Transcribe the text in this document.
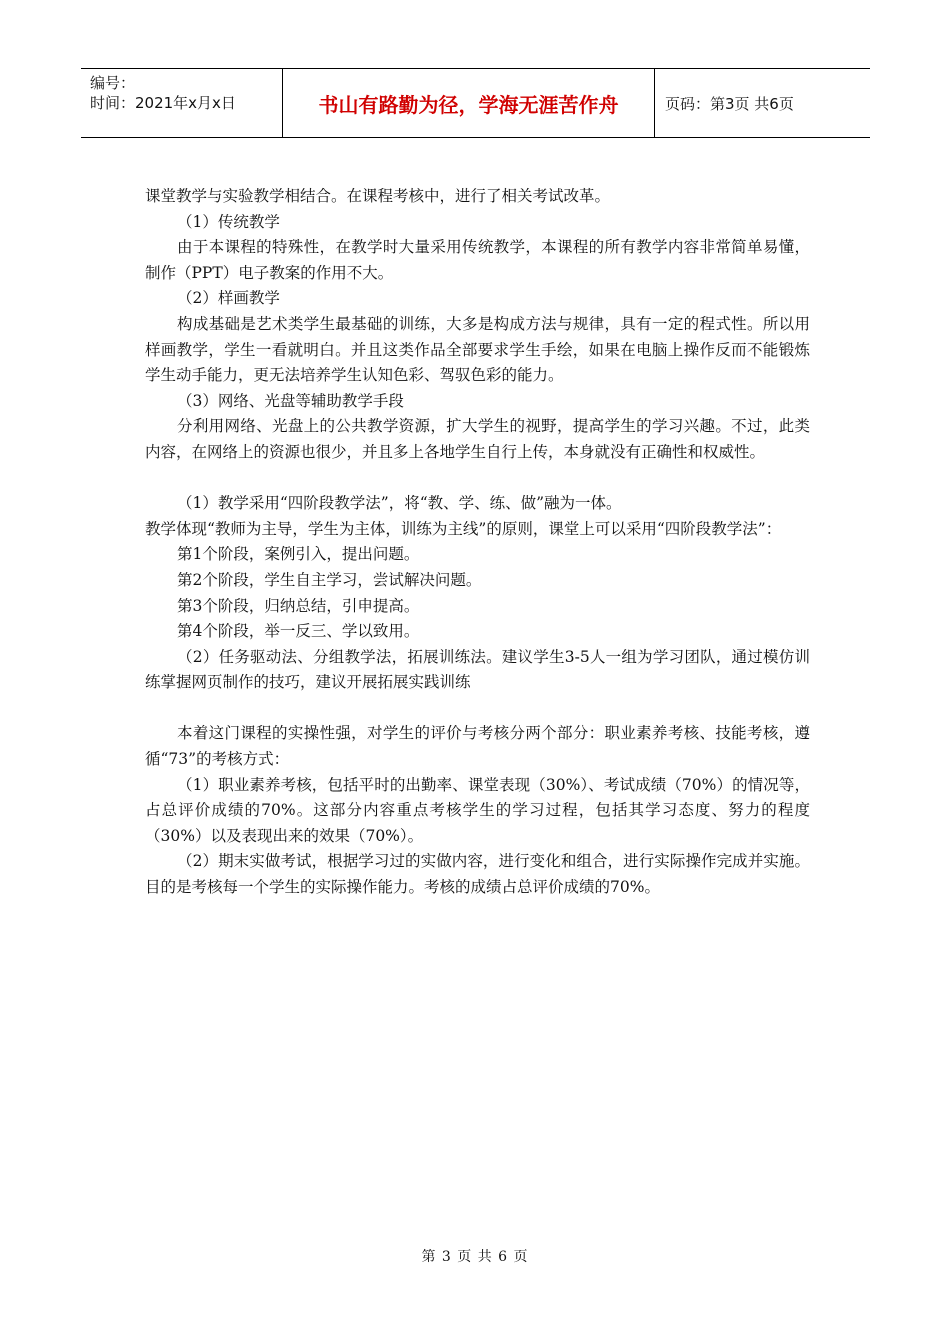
编号：
时间：2021年x月x日	书山有路勤为径，学海无涯苦作舟	页码：第3页 共6页

课堂教学与实验教学相结合。在课程考核中，进行了相关考试改革。

（1）传统教学

由于本课程的特殊性，在教学时大量采用传统教学，本课程的所有教学内容非常简单易懂，制作（PPT）电子教案的作用不大。

（2）样画教学

构成基础是艺术类学生最基础的训练，大多是构成方法与规律，具有一定的程式性。所以用样画教学，学生一看就明白。并且这类作品全部要求学生手绘，如果在电脑上操作反而不能锻炼学生动手能力，更无法培养学生认知色彩、驾驭色彩的能力。

（3）网络、光盘等辅助教学手段

分利用网络、光盘上的公共教学资源，扩大学生的视野，提高学生的学习兴趣。不过，此类内容，在网络上的资源也很少，并且多上各地学生自行上传，本身就没有正确性和权威性。

（1）教学采用“四阶段教学法”，将“教、学、练、做”融为一体。

教学体现“教师为主导，学生为主体，训练为主线”的原则，课堂上可以采用“四阶段教学法”：

第1个阶段，案例引入，提出问题。

第2个阶段，学生自主学习，尝试解决问题。

第3个阶段，归纳总结，引申提高。

第4个阶段，举一反三、学以致用。

（2）任务驱动法、分组教学法，拓展训练法。建议学生3-5人一组为学习团队，通过模仿训练掌握网页制作的技巧，建议开展拓展实践训练

本着这门课程的实操性强，对学生的评价与考核分两个部分：职业素养考核、技能考核，遵循“73”的考核方式：

（1）职业素养考核，包括平时的出勤率、课堂表现（30%）、考试成绩（70%）的情况等，占总评价成绩的70%。这部分内容重点考核学生的学习过程，包括其学习态度、努力的程度（30%）以及表现出来的效果（70%）。

（2）期末实做考试，根据学习过的实做内容，进行变化和组合，进行实际操作完成并实施。目的是考核每一个学生的实际操作能力。考核的成绩占总评价成绩的70%。

第 3 页 共 6 页
